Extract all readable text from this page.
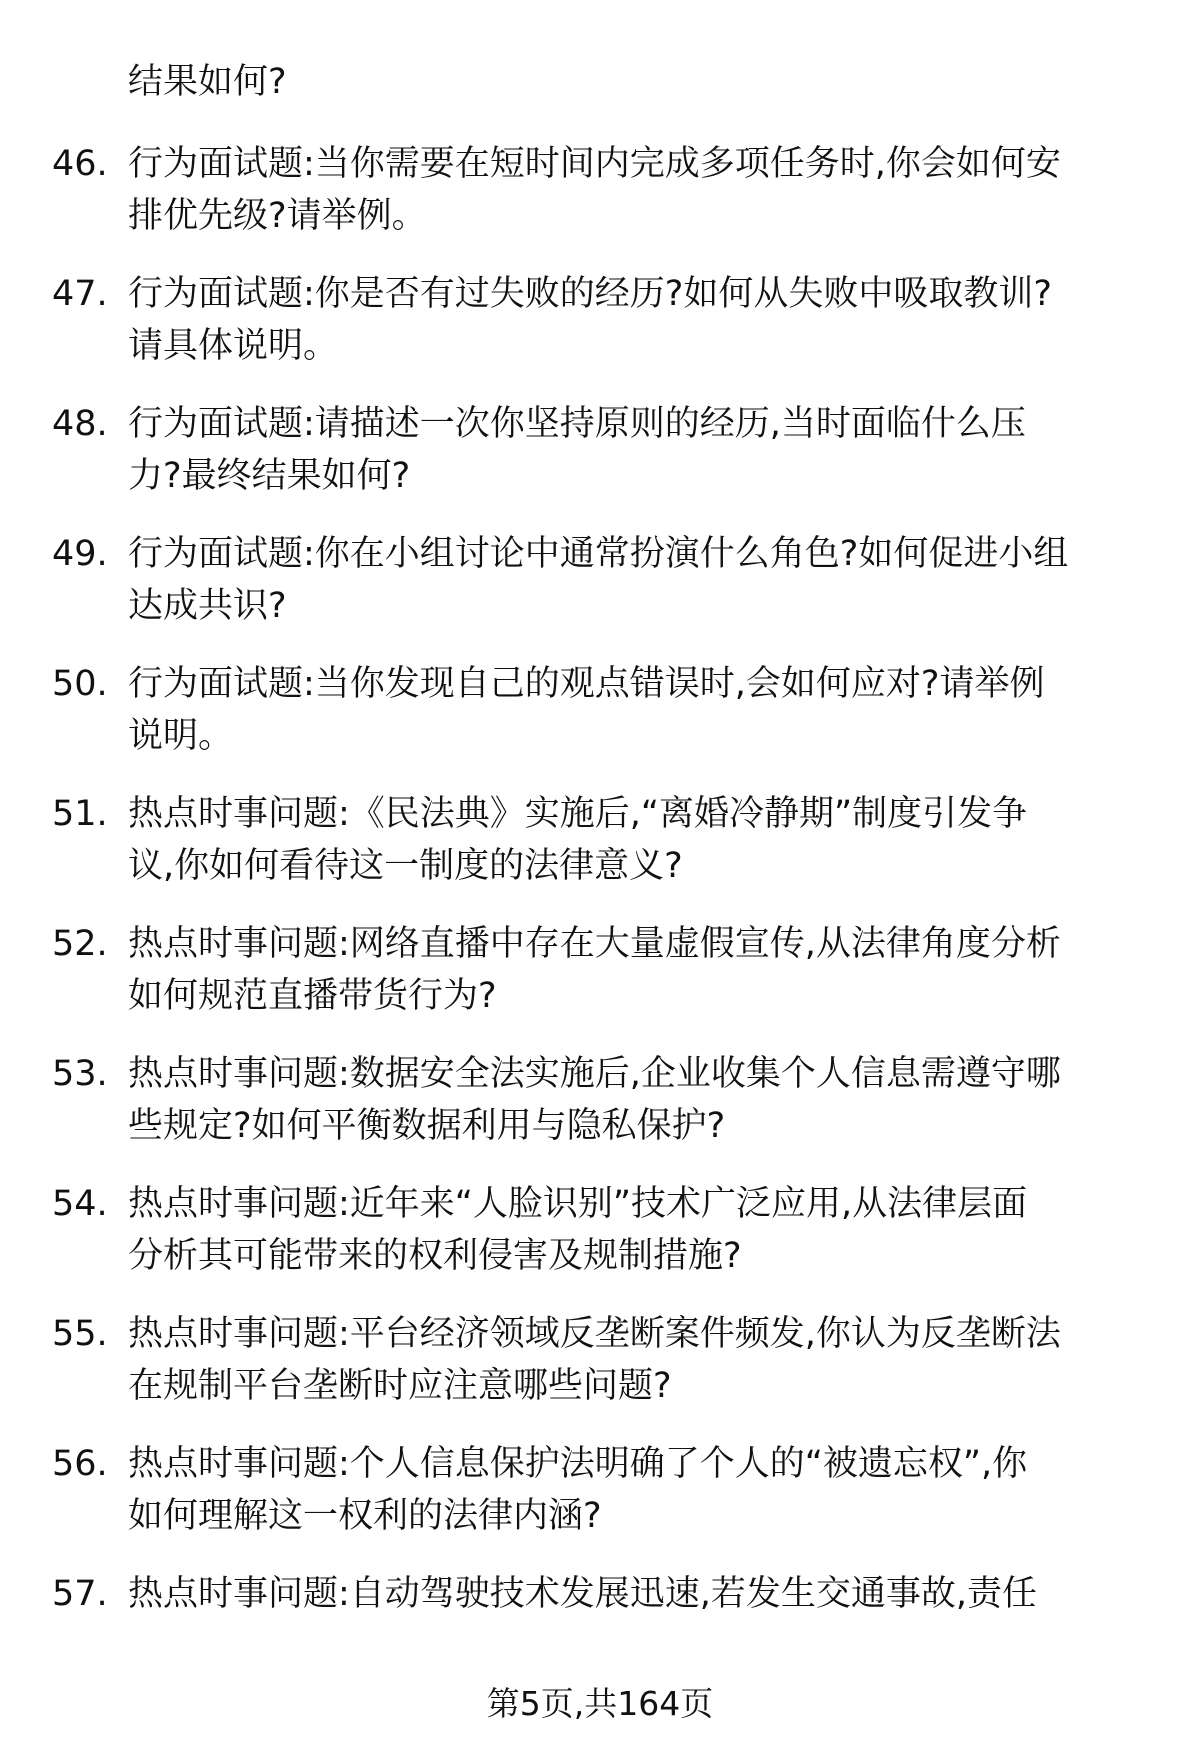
结果如何?
46. 行为面试题:当你需要在短时间内完成多项任务时,你会如何安
排优先级?请举例。

47. 行为面试题:你是否有过失败的经历?如何从失败中吸取教训?
请具体说明。

48. 行为面试题:请描述一次你坚持原则的经历,当时面临什么压
力?最终结果如何?

49. 行为面试题:你在小组讨论中通常扮演什么角色?如何促进小组
达成共识?

50. 行为面试题:当你发现自己的观点错误时,会如何应对?请举例
说明。

51. 热点时事问题:《民法典》实施后,“离婚冷静期”制度引发争
议,你如何看待这一制度的法律意义?

52. 热点时事问题:网络直播中存在大量虚假宣传,从法律角度分析
如何规范直播带货行为?

53. 热点时事问题:数据安全法实施后,企业收集个人信息需遵守哪
些规定?如何平衡数据利用与隐私保护?

54. 热点时事问题:近年来“人脸识别”技术广泛应用,从法律层面
分析其可能带来的权利侵害及规制措施?

55. 热点时事问题:平台经济领域反垄断案件频发,你认为反垄断法
在规制平台垄断时应注意哪些问题?

56. 热点时事问题:个人信息保护法明确了个人的“被遗忘权”,你
如何理解这一权利的法律内涵?

57. 热点时事问题:自动驾驶技术发展迅速,若发生交通事故,责任

第5页,共164页
